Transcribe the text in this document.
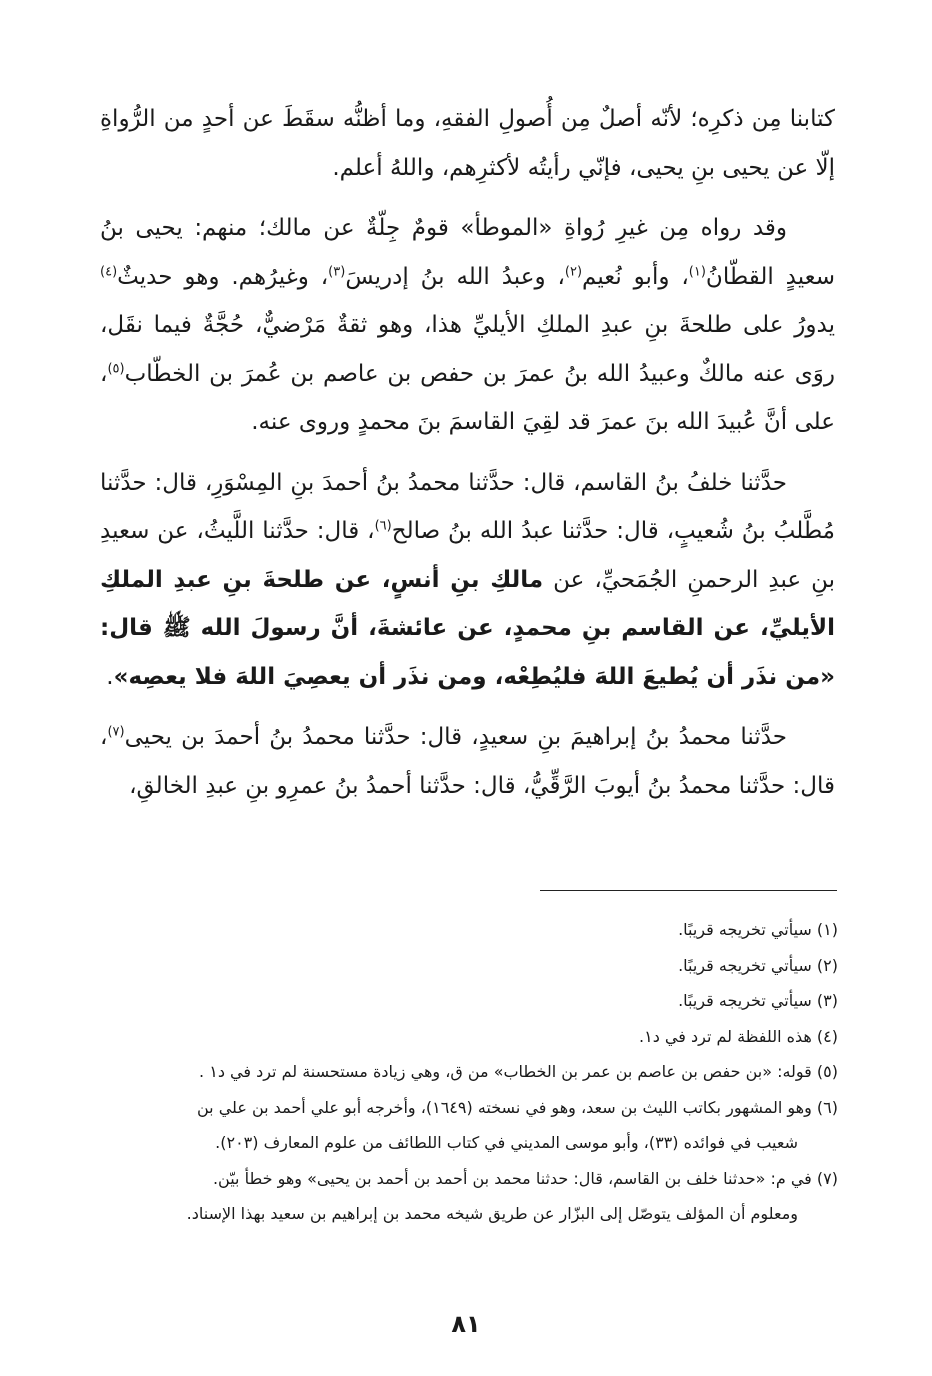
كتابنا مِن ذكرِه؛ لأنّه أصلٌ مِن أُصولِ الفقهِ، وما أظنُّه سقَطَ عن أحدٍ من الرُّواةِ إلّا عن يحيى بنِ يحيى، فإنّي رأيتُه لأكثرِهم، واللهُ أعلم.

وقد رواه مِن غيرِ رُواةِ «الموطأ» قومٌ جِلّةٌ عن مالك؛ منهم: يحيى بنُ سعيدٍ القطّانُ$^{(١)}$، وأبو نُعيم$^{(٢)}$، وعبدُ الله بنُ إدريسَ$^{(٣)}$، وغيرُهم. وهو حديثٌ$^{(٤)}$ يدورُ على طلحةَ بنِ عبدِ الملكِ الأيليِّ هذا، وهو ثقةٌ مَرْضيٌّ، حُجَّةٌ فيما نقَل، روَى عنه مالكٌ وعبيدُ الله بنُ عمرَ بن حفص بن عاصم بن عُمرَ بن الخطّاب$^{(٥)}$، على أنَّ عُبيدَ الله بنَ عمرَ قد لقِيَ القاسمَ بنَ محمدٍ وروى عنه.

حدَّثنا خلفُ بنُ القاسم، قال: حدَّثنا محمدُ بنُ أحمدَ بنِ المِسْوَرِ، قال: حدَّثنا مُطَّلبُ بنُ شُعيبٍ، قال: حدَّثنا عبدُ الله بنُ صالح$^{(٦)}$، قال: حدَّثنا اللَّيثُ، عن سعيدِ بنِ عبدِ الرحمنِ الجُمَحيِّ، عن مالكِ بنِ أنسٍ، عن طلحةَ بنِ عبدِ الملكِ الأيليِّ، عن القاسم بنِ محمدٍ، عن عائشةَ، أنَّ رسولَ الله ﷺ قال: «من نذَر أن يُطيعَ اللهَ فليُطِعْه، ومن نذَر أن يعصِيَ اللهَ فلا يعصِه».

حدَّثنا محمدُ بنُ إبراهيمَ بنِ سعيدٍ، قال: حدَّثنا محمدُ بنُ أحمدَ بن يحيى$^{(٧)}$، قال: حدَّثنا محمدُ بنُ أيوبَ الرَّقِّيُّ، قال: حدَّثنا أحمدُ بنُ عمرِو بنِ عبدِ الخالقِ،

(١) سيأتي تخريجه قريبًا.

(٢) سيأتي تخريجه قريبًا.

(٣) سيأتي تخريجه قريبًا.

(٤) هذه اللفظة لم ترد في د١.

(٥) قوله: «بن حفص بن عاصم بن عمر بن الخطاب» من ق، وهي زيادة مستحسنة لم ترد في د١ .

(٦) وهو المشهور بكاتب الليث بن سعد، وهو في نسخته (١٦٤٩)، وأخرجه أبو علي أحمد بن علي بن
شعيب في فوائده (٣٣)، وأبو موسى المديني في كتاب اللطائف من علوم المعارف (٢٠٣).

(٧) في م: «حدثنا خلف بن القاسم، قال: حدثنا محمد بن أحمد بن أحمد بن يحيى» وهو خطأ بيّن.
ومعلوم أن المؤلف يتوصّل إلى البزّار عن طريق شيخه محمد بن إبراهيم بن سعيد بهذا الإسناد.

٨١
